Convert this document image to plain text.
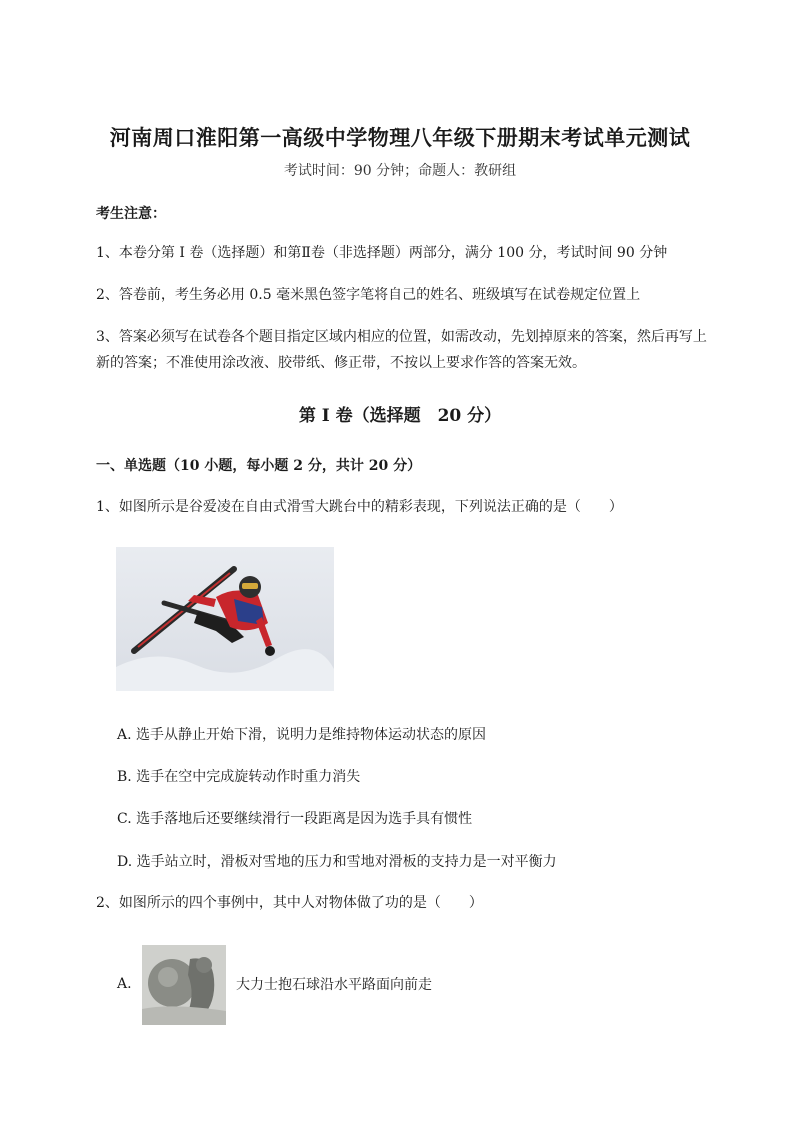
河南周口淮阳第一高级中学物理八年级下册期末考试单元测试
考试时间：90 分钟；命题人：教研组
考生注意：
1、本卷分第 I 卷（选择题）和第Ⅱ卷（非选择题）两部分，满分 100 分，考试时间 90 分钟
2、答卷前，考生务必用 0.5 毫米黑色签字笔将自己的姓名、班级填写在试卷规定位置上
3、答案必须写在试卷各个题目指定区域内相应的位置，如需改动，先划掉原来的答案，然后再写上新的答案；不准使用涂改液、胶带纸、修正带，不按以上要求作答的答案无效。
第 I 卷（选择题　20 分）
一、单选题（10 小题，每小题 2 分，共计 20 分）
1、如图所示是谷爱凌在自由式滑雪大跳台中的精彩表现，下列说法正确的是（　　）
A. 选手从静止开始下滑，说明力是维持物体运动状态的原因
B. 选手在空中完成旋转动作时重力消失
C. 选手落地后还要继续滑行一段距离是因为选手具有惯性
D. 选手站立时，滑板对雪地的压力和雪地对滑板的支持力是一对平衡力
2、如图所示的四个事例中，其中人对物体做了功的是（　　）
A.	大力士抱石球沿水平路面向前走
